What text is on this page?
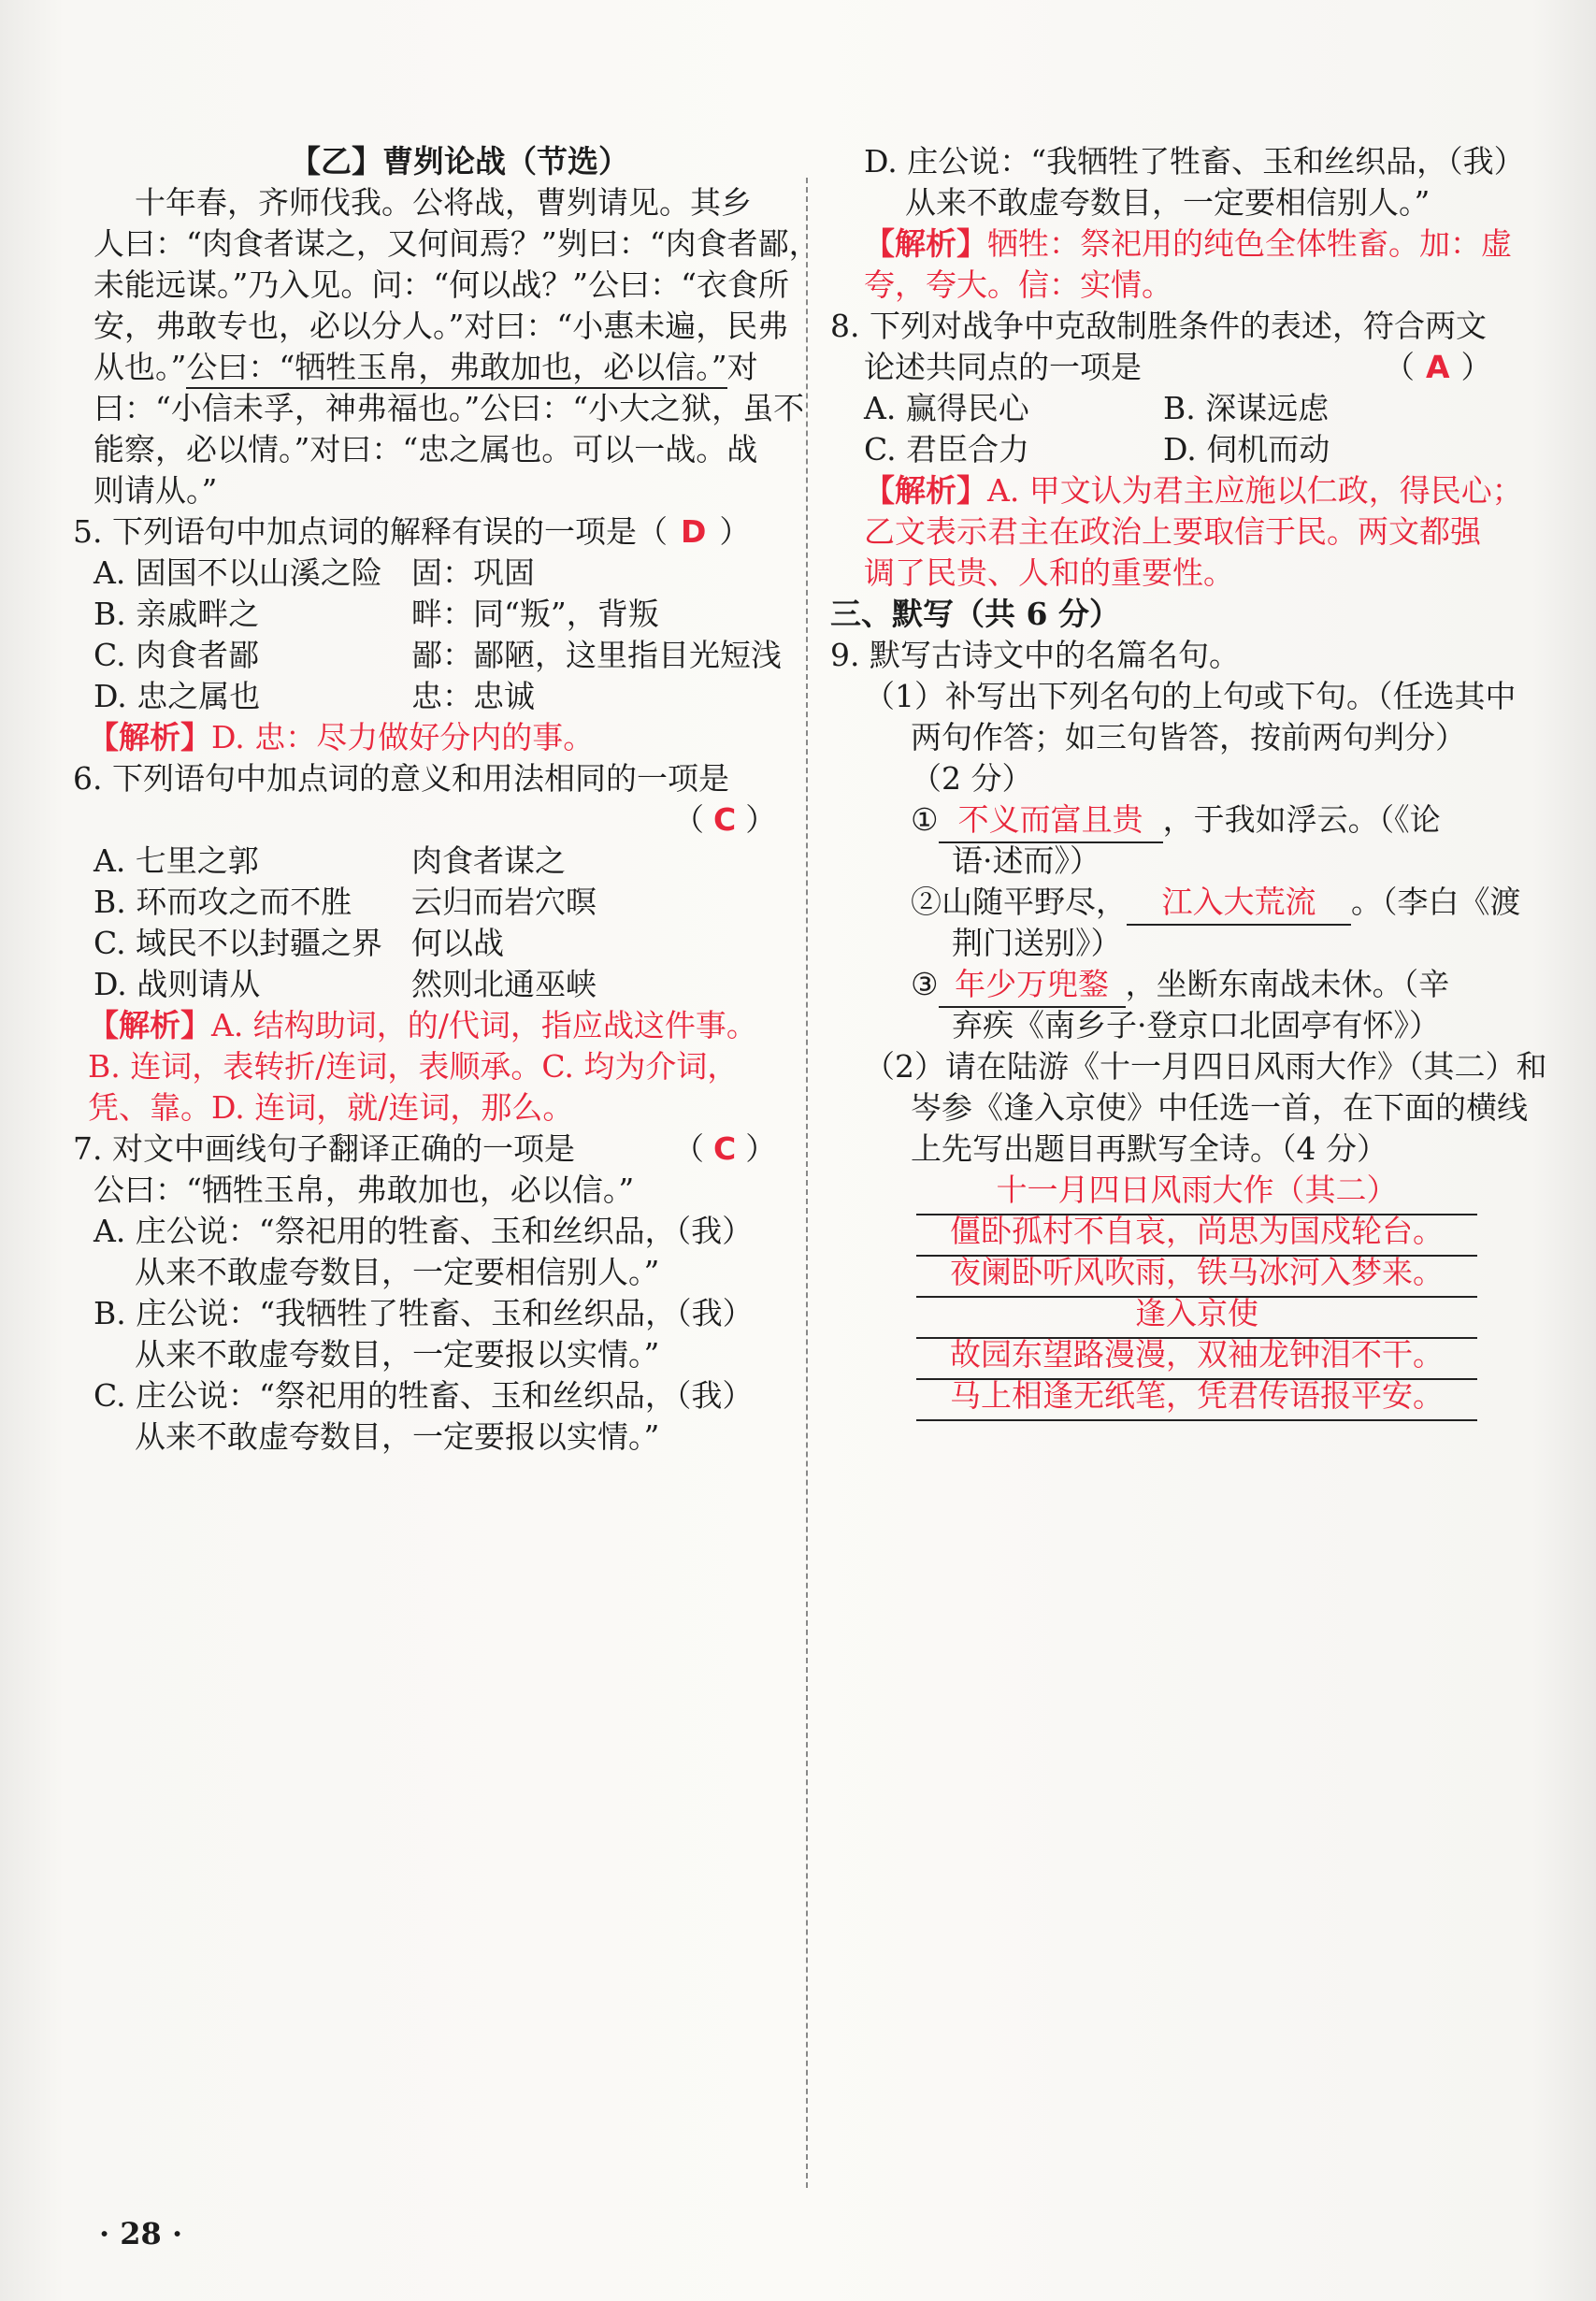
【乙】曹刿论战（节选）
十年春，齐师伐我。公将战，曹刿请见。其乡
人曰：“肉食者谋之，又何间焉？”刿曰：“肉食者鄙，
未能远谋。”乃入见。问：“何以战？”公曰：“衣食所
安，弗敢专也，必以分人。”对曰：“小惠未遍，民弗
从也。”公曰：“牺牲玉帛，弗敢加也，必以信。”对
曰：“小信未孚，神弗福也。”公曰：“小大之狱，虽不
能察，必以情。”对曰：“忠之属也。可以一战。战
则请从。”
5. 下列语句中加点词的解释有误的一项是（ D ）
A. 固国不以山溪之险 固：巩固
B. 亲戚畔之	畔：同“叛”，背叛
C. 肉食者鄙	鄙：鄙陋，这里指目光短浅
D. 忠之属也	忠：忠诚
【解析】D. 忠：尽力做好分内的事。
6. 下列语句中加点词的意义和用法相同的一项是
（ C ）
A. 七里之郭	肉食者谋之
B. 环而攻之而不胜 云归而岩穴暝
C. 域民不以封疆之界 何以战
D. 战则请从	然则北通巫峡
【解析】A. 结构助词，的/代词，指应战这件事。
B. 连词，表转折/连词，表顺承。C. 均为介词，
凭、靠。D. 连词，就/连词，那么。
7. 对文中画线句子翻译正确的一项是	（ C ）
公曰：“牺牲玉帛，弗敢加也，必以信。”
A. 庄公说：“祭祀用的牲畜、玉和丝织品，（我）
从来不敢虚夸数目，一定要相信别人。”
B. 庄公说：“我牺牲了牲畜、玉和丝织品，（我）
从来不敢虚夸数目，一定要报以实情。”
C. 庄公说：“祭祀用的牲畜、玉和丝织品，（我）
从来不敢虚夸数目，一定要报以实情。”
D. 庄公说：“我牺牲了牲畜、玉和丝织品，（我）
从来不敢虚夸数目，一定要相信别人。”
【解析】牺牲：祭祀用的纯色全体牲畜。加：虚
夸，夸大。信：实情。
8. 下列对战争中克敌制胜条件的表述，符合两文
论述共同点的一项是	（ A ）
A. 赢得民心	B. 深谋远虑
C. 君臣合力	D. 伺机而动
【解析】A. 甲文认为君主应施以仁政，得民心；
乙文表示君主在政治上要取信于民。两文都强
调了民贵、人和的重要性。
三、默写（共 6 分）
9. 默写古诗文中的名篇名句。
（1）补写出下列名句的上句或下句。（任选其中
两句作答；如三句皆答，按前两句判分）
（2 分）
① 不义而富且贵 ，于我如浮云。（《论
语·述而》）
②山随平野尽， 江入大荒流 。（李白《渡
荆门送别》）
③ 年少万兜鍪 ，坐断东南战未休。（辛
弃疾《南乡子·登京口北固亭有怀》）
（2）请在陆游《十一月四日风雨大作》（其二）和
岑参《逢入京使》中任选一首，在下面的横线
上先写出题目再默写全诗。（4 分）
十一月四日风雨大作（其二）
僵卧孤村不自哀，尚思为国戍轮台。
夜阑卧听风吹雨，铁马冰河入梦来。
逢入京使
故园东望路漫漫，双袖龙钟泪不干。
马上相逢无纸笔，凭君传语报平安。
· 28 ·
